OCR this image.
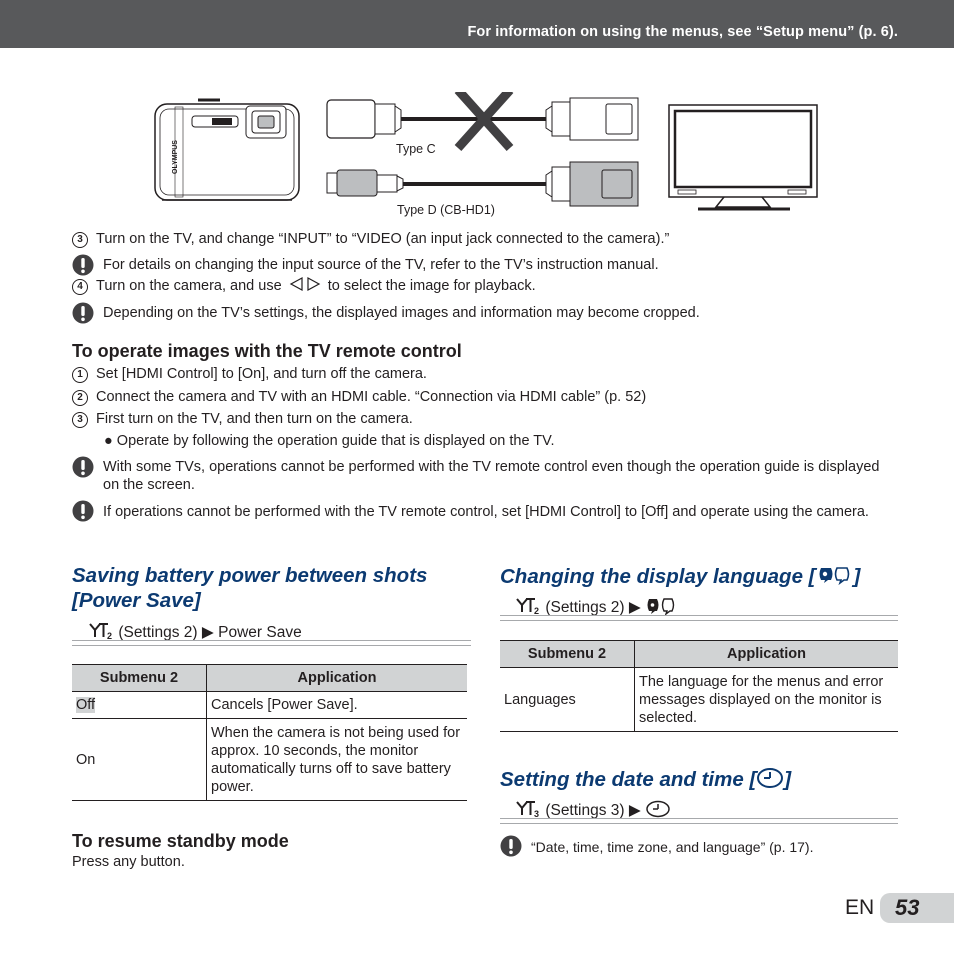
For information on using the menus, see “Setup menu” (p. 6).
OLYMPUS	Type C
Type D (CB-HD1)
3 Turn on the TV, and change “INPUT” to “VIDEO (an input jack connected to the camera).”
For details on changing the input source of the TV, refer to the TV’s instruction manual.
4 Turn on the camera, and use	to select the image for playback.
Depending on the TV’s settings, the displayed images and information may become cropped.
To operate images with the TV remote control
1 Set [HDMI Control] to [On], and turn off the camera.
2 Connect the camera and TV with an HDMI cable. “Connection via HDMI cable” (p. 52)
3 First turn on the TV, and then turn on the camera.
● Operate by following the operation guide that is displayed on the TV.
With some TVs, operations cannot be performed with the TV remote control even though the operation guide is displayed on the screen.
If operations cannot be performed with the TV remote control, set [HDMI Control] to [Off] and operate using the camera.
Saving battery power between shots
[Power Save]
2 (Settings 2) ▶ Power Save
Submenu 2	Application
Off	Cancels [Power Save].
On	When the camera is not being used for approx. 10 seconds, the monitor automatically turns off to save battery power.
To resume standby mode
Press any button.
Changing the display language [ ]
2 (Settings 2) ▶
Submenu 2	Application
Languages	The language for the menus and error messages displayed on the monitor is selected.
Setting the date and time [ ]
3 (Settings 3) ▶
“Date, time, time zone, and language” (p. 17).
EN 53
